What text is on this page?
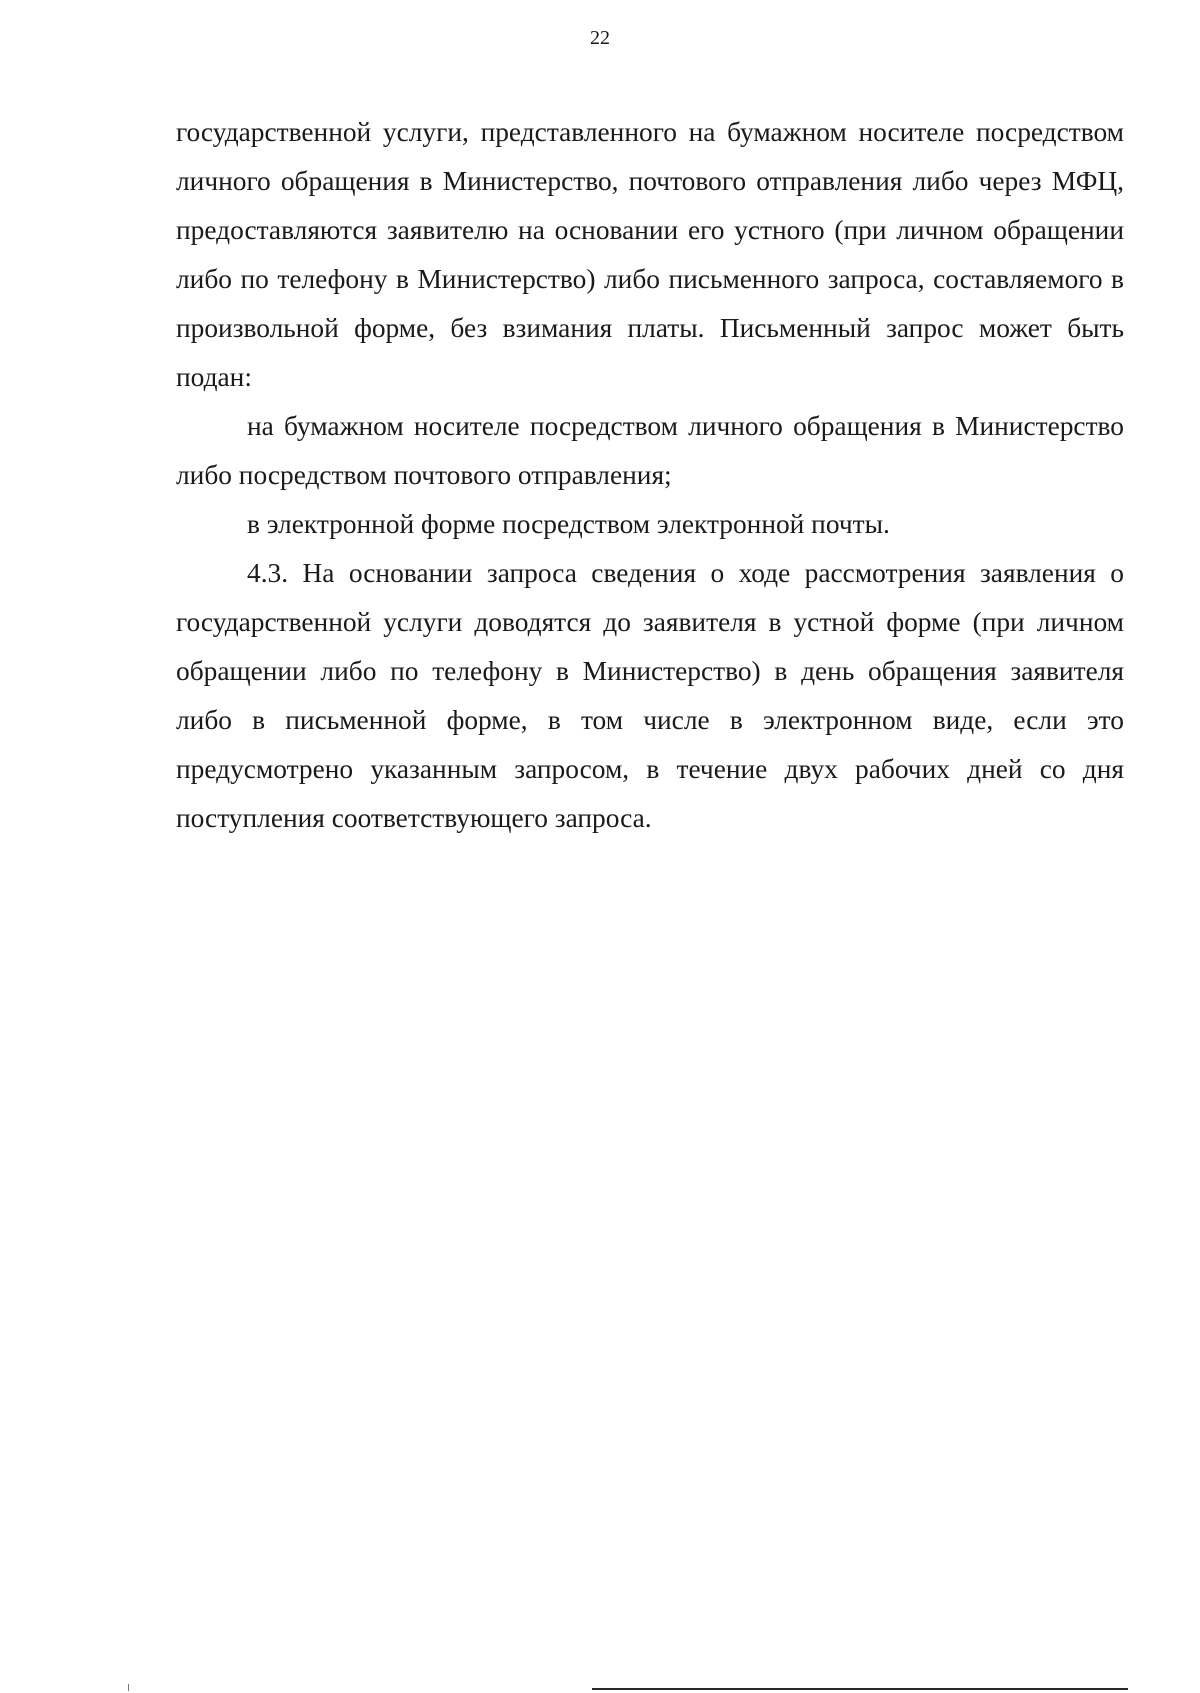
22

государственной услуги, представленного на бумажном носителе посредством личного обращения в Министерство, почтового отправления либо через МФЦ, предоставляются заявителю на основании его устного (при личном обращении либо по телефону в Министерство) либо письменного запроса, составляемого в произвольной форме, без взимания платы. Письменный запрос может быть подан:

на бумажном носителе посредством личного обращения в Министерство либо посредством почтового отправления;

в электронной форме посредством электронной почты.

4.3. На основании запроса сведения о ходе рассмотрения заявления о государственной услуги доводятся до заявителя в устной форме (при личном обращении либо по телефону в Министерство) в день обращения заявителя либо в письменной форме, в том числе в электронном виде, если это предусмотрено указанным запросом, в течение двух рабочих дней со дня поступления соответствующего запроса.
